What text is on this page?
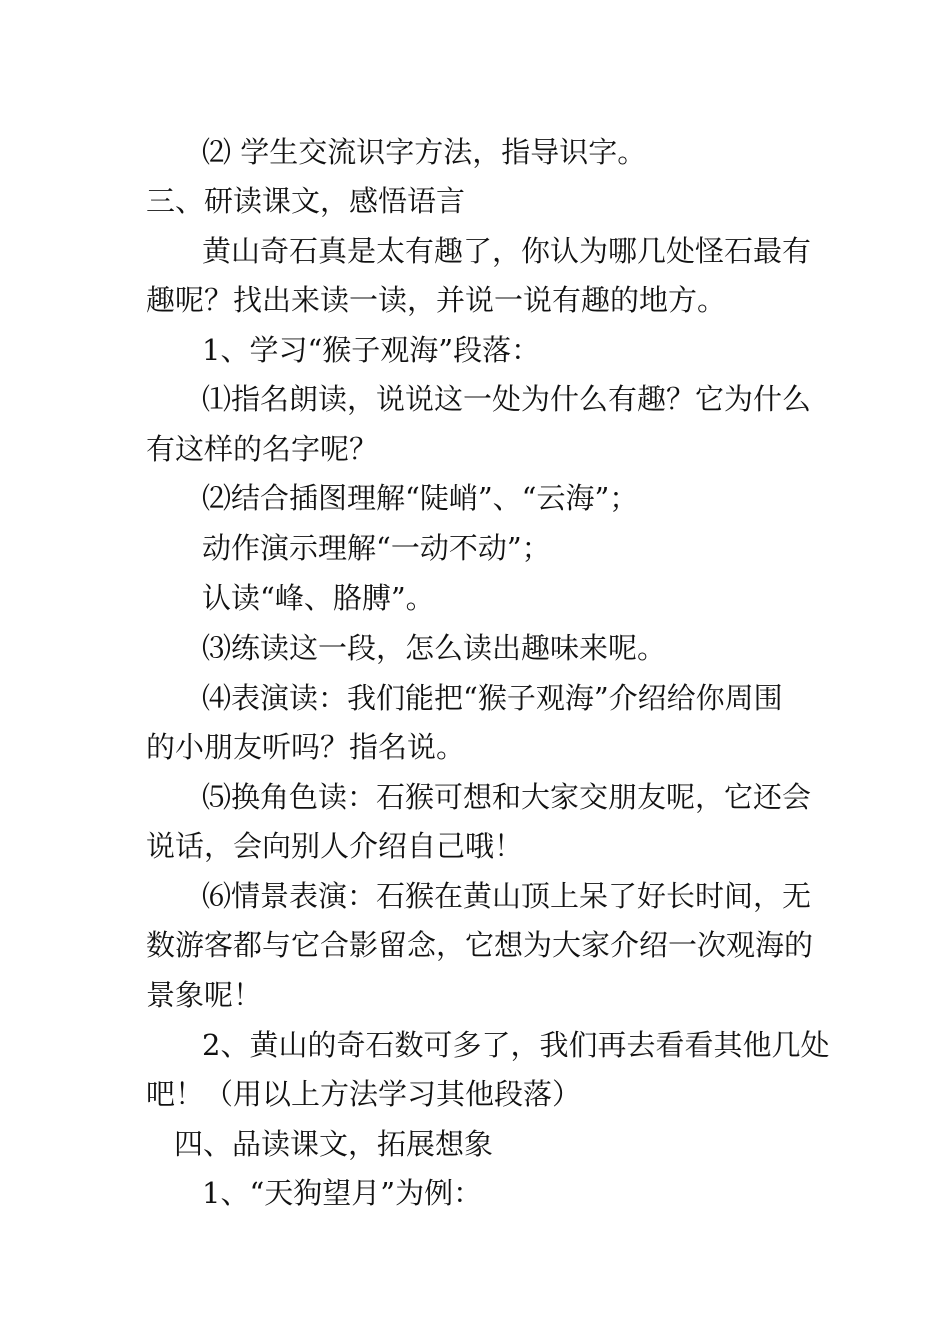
⑵ 学生交流识字方法，指导识字。
三、研读课文，感悟语言
黄山奇石真是太有趣了，你认为哪几处怪石最有
趣呢？找出来读一读，并说一说有趣的地方。
1、学习“猴子观海”段落：
⑴指名朗读，说说这一处为什么有趣？它为什么
有这样的名字呢？
⑵结合插图理解“陡峭”、“云海”；
动作演示理解“一动不动”；
认读“峰、胳膊”。
⑶练读这一段，怎么读出趣味来呢。
⑷表演读：我们能把“猴子观海”介绍给你周围
的小朋友听吗？指名说。
⑸换角色读：石猴可想和大家交朋友呢，它还会
说话，会向别人介绍自己哦！
⑹情景表演：石猴在黄山顶上呆了好长时间，无
数游客都与它合影留念，它想为大家介绍一次观海的
景象呢！
2、黄山的奇石数可多了，我们再去看看其他几处
吧！（用以上方法学习其他段落）
四、品读课文，拓展想象
1、“天狗望月”为例：
